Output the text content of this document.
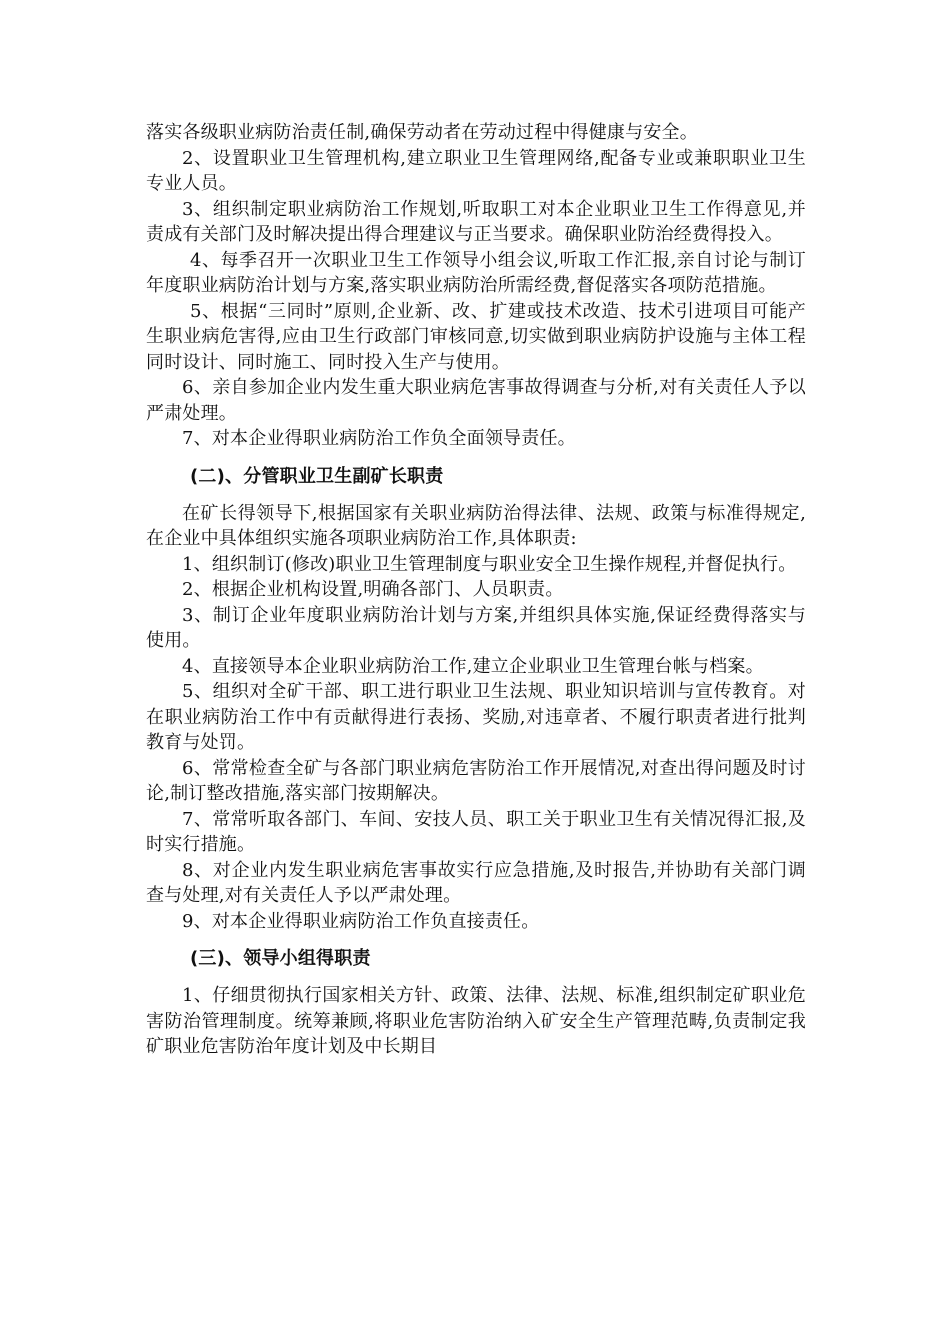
落实各级职业病防治责任制,确保劳动者在劳动过程中得健康与安全。

2、设置职业卫生管理机构,建立职业卫生管理网络,配备专业或兼职职业卫生专业人员。

3、组织制定职业病防治工作规划,听取职工对本企业职业卫生工作得意见,并责成有关部门及时解决提出得合理建议与正当要求。确保职业防治经费得投入。

4、每季召开一次职业卫生工作领导小组会议,听取工作汇报,亲自讨论与制订年度职业病防治计划与方案,落实职业病防治所需经费,督促落实各项防范措施。

5、根据“三同时”原则,企业新、改、扩建或技术改造、技术引进项目可能产生职业病危害得,应由卫生行政部门审核同意,切实做到职业病防护设施与主体工程同时设计、同时施工、同时投入生产与使用。

6、亲自参加企业内发生重大职业病危害事故得调查与分析,对有关责任人予以严肃处理。

7、对本企业得职业病防治工作负全面领导责任。

(二)、分管职业卫生副矿长职责

在矿长得领导下,根据国家有关职业病防治得法律、法规、政策与标准得规定,在企业中具体组织实施各项职业病防治工作,具体职责:

1、组织制订(修改)职业卫生管理制度与职业安全卫生操作规程,并督促执行。

2、根据企业机构设置,明确各部门、人员职责。

3、制订企业年度职业病防治计划与方案,并组织具体实施,保证经费得落实与使用。

4、直接领导本企业职业病防治工作,建立企业职业卫生管理台帐与档案。

5、组织对全矿干部、职工进行职业卫生法规、职业知识培训与宣传教育。对在职业病防治工作中有贡献得进行表扬、奖励,对违章者、不履行职责者进行批判教育与处罚。

6、常常检查全矿与各部门职业病危害防治工作开展情况,对查出得问题及时讨论,制订整改措施,落实部门按期解决。

7、常常听取各部门、车间、安技人员、职工关于职业卫生有关情况得汇报,及时实行措施。

8、对企业内发生职业病危害事故实行应急措施,及时报告,并协助有关部门调查与处理,对有关责任人予以严肃处理。

9、对本企业得职业病防治工作负直接责任。

(三)、领导小组得职责

1、仔细贯彻执行国家相关方针、政策、法律、法规、标准,组织制定矿职业危害防治管理制度。统筹兼顾,将职业危害防治纳入矿安全生产管理范畴,负责制定我矿职业危害防治年度计划及中长期目
